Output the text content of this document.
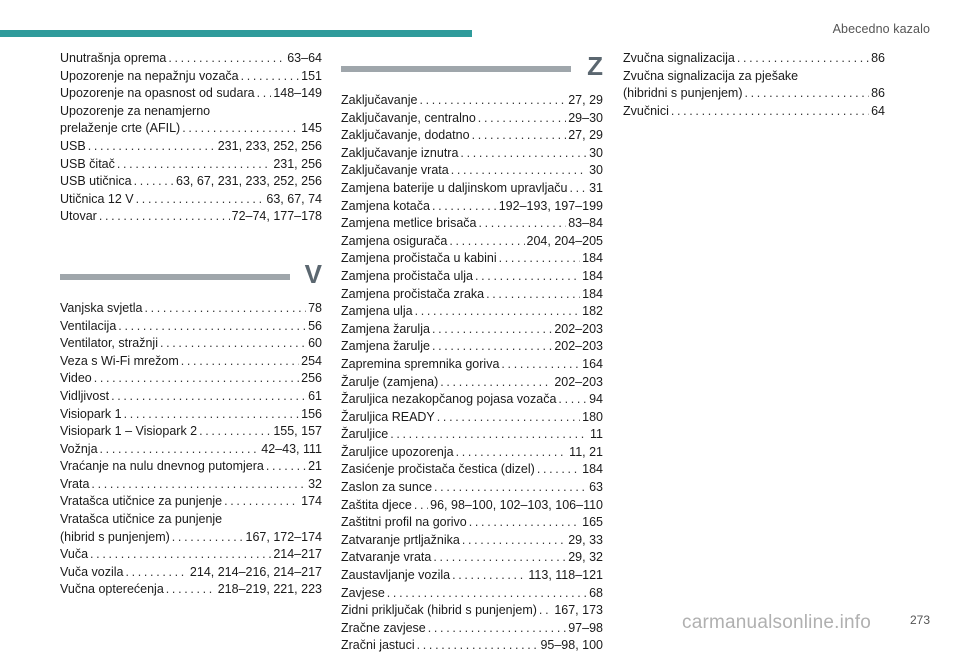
Abecedno kazalo
Unutrašnja oprema . . .	63–64
Upozorenje na nepažnju vozača . . .	151
Upozorenje na opasnost od sudara . . . 148–149
Upozorenje za nenamjerno
prelaženje crte (AFIL) . . .	145
USB . . .	231, 233, 252, 256
USB čitač . . .	231, 256
USB utičnica . . .	63, 67, 231, 233, 252, 256
Utičnica 12 V . . .	63, 67, 74
Utovar . . .	72–74, 177–178
V
Vanjska svjetla . . .	78
Ventilacija . . .	56
Ventilator, stražnji . . .	60
Veza s Wi-Fi mrežom . . .	254
Video . . .	256
Vidljivost . . .	61
Visiopark 1 . . .	156
Visiopark 1 – Visiopark 2 . . .	155, 157
Vožnja . . .	42–43, 111
Vraćanje na nulu dnevnog putomjera . . .	21
Vrata . . .	32
Vratašca utičnice za punjenje . . .	174
Vratašca utičnice za punjenje
(hibrid s punjenjem) . . .	167, 172–174
Vuča . . .	214–217
Vuča vozila . . .	214, 214–216, 214–217
Vučna opterećenja . . .	218–219, 221, 223
Z
Zaključavanje . . .	27, 29
Zaključavanje, centralno . . .	29–30
Zaključavanje, dodatno . . .	27, 29
Zaključavanje iznutra . . .	30
Zaključavanje vrata . . .	30
Zamjena baterije u daljinskom upravljaču . . . 31
Zamjena kotača . . .	192–193, 197–199
Zamjena metlice brisača . . .	83–84
Zamjena osigurača . . .	204, 204–205
Zamjena pročistača u kabini . . .	184
Zamjena pročistača ulja . . .	184
Zamjena pročistača zraka . . .	184
Zamjena ulja . . .	182
Zamjena žarulja . . .	202–203
Zamjena žarulje . . .	202–203
Zapremina spremnika goriva . . .	164
Žarulje (zamjena) . . .	202–203
Žaruljica nezakopčanog pojasa vozača . . .	94
Žaruljica READY . . .	180
Žaruljice . . .	11
Žaruljice upozorenja . . .	11, 21
Zasićenje pročistača čestica (dizel) . . .	184
Zaslon za sunce . . .	63
Zaštita djece . . . 96, 98–100, 102–103, 106–110
Zaštitni profil na gorivo . . .	165
Zatvaranje prtljažnika . . .	29, 33
Zatvaranje vrata . . .	29, 32
Zaustavljanje vozila . . .	113, 118–121
Zavjese . . .	68
Zidni priključak (hibrid s punjenjem) . . . 167, 173
Zračne zavjese . . .	97–98
Zračni jastuci . . .	95–98, 100
Zvučna signalizacija . . .	86
Zvučna signalizacija za pješake
(hibridni s punjenjem) . . .	86
Zvučnici . . .	64
carmanualsonline.info	273
